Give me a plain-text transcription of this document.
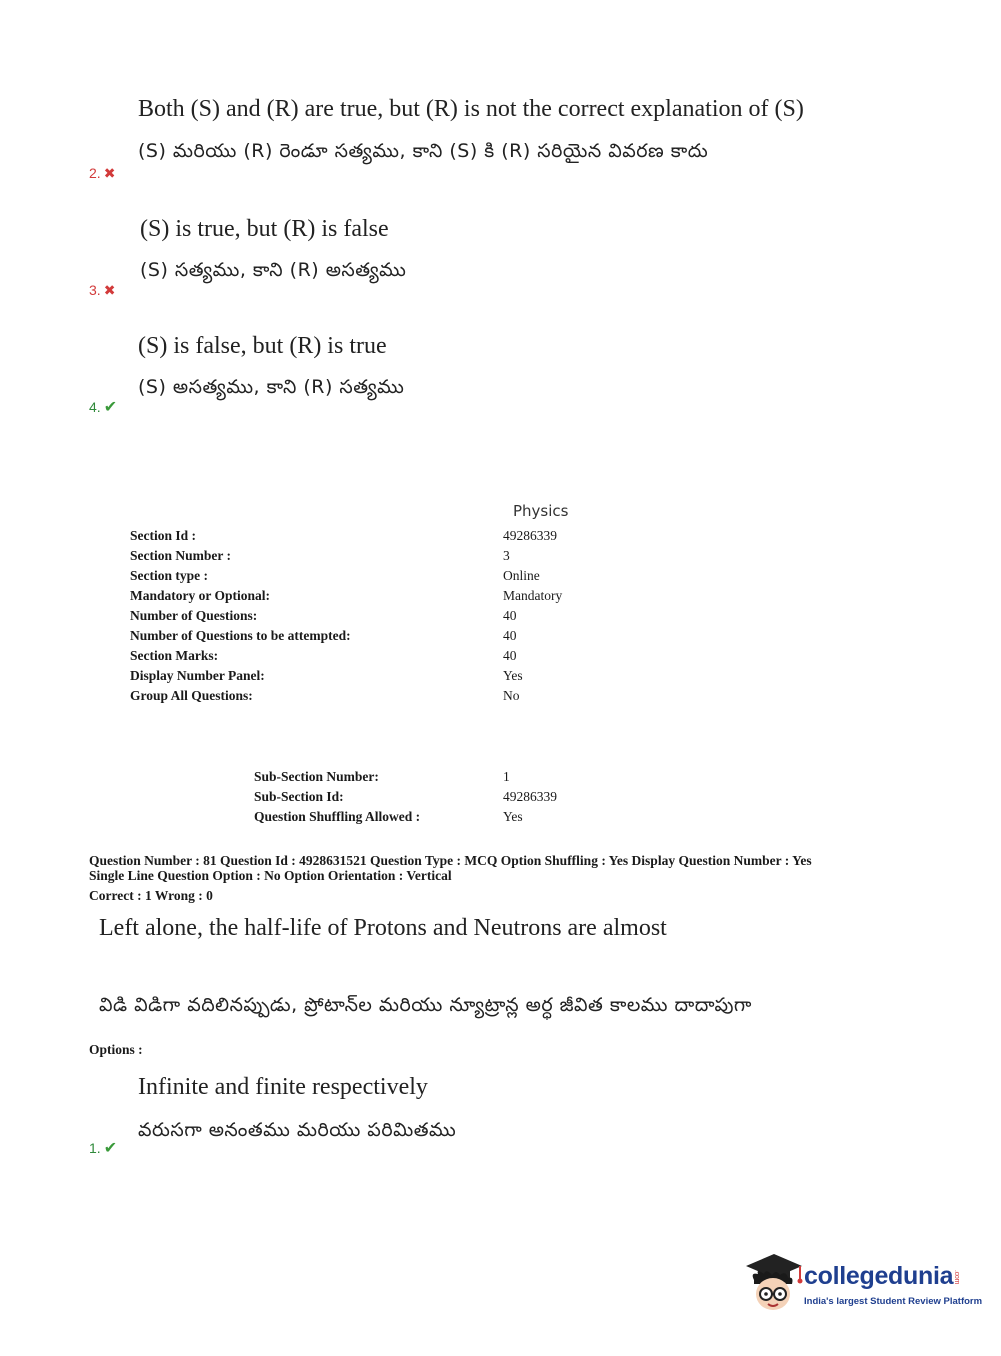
Both (S) and (R) are true, but (R) is not the correct explanation of (S)
(S) మరియు (R) రెండూ సత్యము, కాని (S) కి (R) సరియైన వివరణ కాదు
2. ✖
(S) is true, but (R) is false
(S) సత్యము, కాని (R) అసత్యము
3. ✖
(S) is false, but (R) is true
(S) అసత్యము, కాని (R) సత్యము
4. ✔
Physics
Section Id :	49286339
Section Number :	3
Section type :	Online
Mandatory or Optional:	Mandatory
Number of Questions:	40
Number of Questions to be attempted:	40
Section Marks:	40
Display Number Panel:	Yes
Group All Questions:	No
Sub-Section Number:	1
Sub-Section Id:	49286339
Question Shuffling Allowed :	Yes
Question Number : 81 Question Id : 4928631521 Question Type : MCQ Option Shuffling : Yes Display Question Number : Yes
Single Line Question Option : No Option Orientation : Vertical
Correct : 1 Wrong : 0
Left alone, the half-life of Protons and Neutrons are almost
విడి విడిగా వదిలినప్పుడు, ప్రోటాన్‌ల మరియు న్యూట్రాన్ల అర్ధ జీవిత కాలము దాదాపుగా
Options :
Infinite and finite respectively
వరుసగా అనంతము మరియు పరిమితము
1. ✔
collegedunia.com
India's largest Student Review Platform
